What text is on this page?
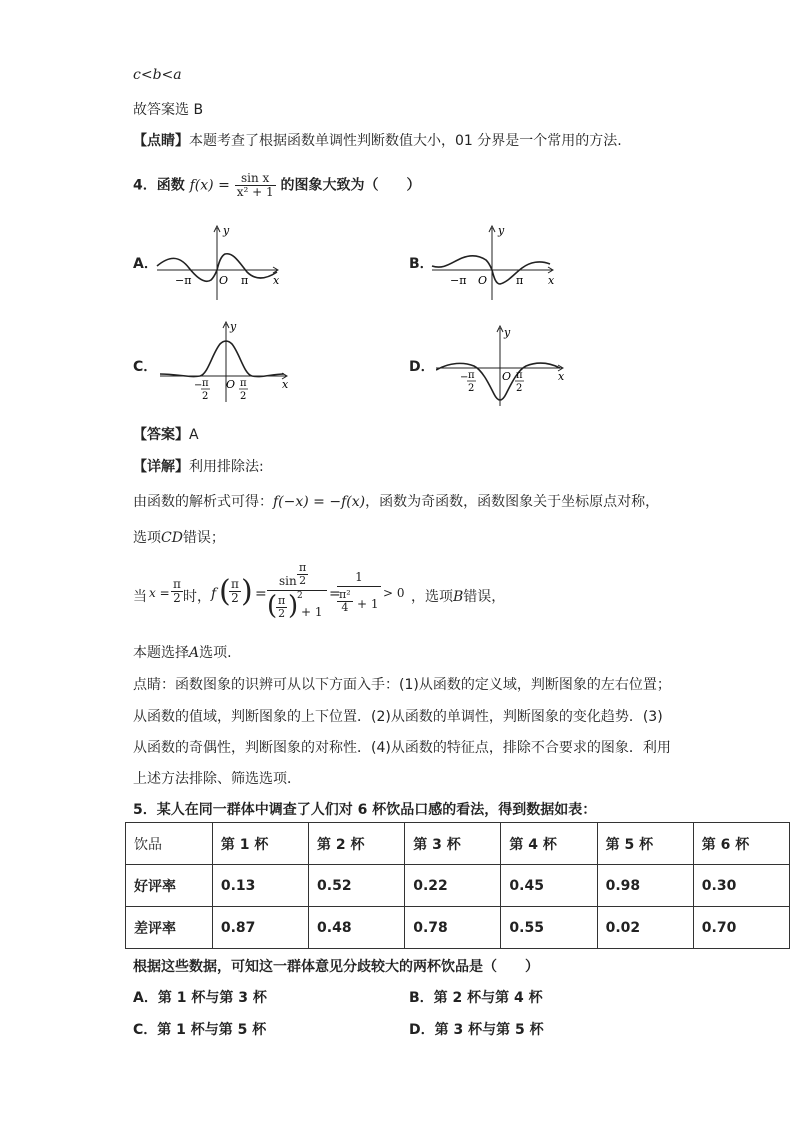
c<b<a
故答案选 B
【点睛】本题考查了根据函数单调性判断数值大小，01 分界是一个常用的方法.
4．函数 $f(x) = \frac{\text{sin x}}{\text{x² + 1}}$ 的图象大致为（　　）
A．	B．
C．	D．
x
y
O
−π	π	x
y
O
−π	π
x
y
O
− π
2
π
2
x
y
O
− π
2
π
2
【答案】A
【详解】利用排除法:
由函数的解析式可得：f(−x) = −f(x)，函数为奇函数，函数图象关于坐标原点对称，
选项CD错误；
当 $x = \frac{\pi}{2}$ 时， f (
$\frac{\pi}{2}$ ) =
$\sin \frac{\pi}{2}$
(
$\frac{\pi}{2}$ )
2
+ 1
=
1
$\frac{\text{π²}}{4} + 1$
> 0 ，选项B错误，
本题选择A选项.
点睛：函数图象的识辨可从以下方面入手：(1)从函数的定义域，判断图象的左右位置；
从函数的值域，判断图象的上下位置．(2)从函数的单调性，判断图象的变化趋势．(3)
从函数的奇偶性，判断图象的对称性．(4)从函数的特征点，排除不合要求的图象．利用
上述方法排除、筛选选项．
5．某人在同一群体中调查了人们对 6 杯饮品口感的看法，得到数据如表：
饮品	第 1 杯	第 2 杯	第 3 杯	第 4 杯	第 5 杯	第 6 杯
好评率	0.13	0.52	0.22	0.45	0.98	0.30
差评率	0.87	0.48	0.78	0.55	0.02	0.70
根据这些数据，可知这一群体意见分歧较大的两杯饮品是（　　）
A．第 1 杯与第 3 杯	B．第 2 杯与第 4 杯
C．第 1 杯与第 5 杯	D．第 3 杯与第 5 杯
